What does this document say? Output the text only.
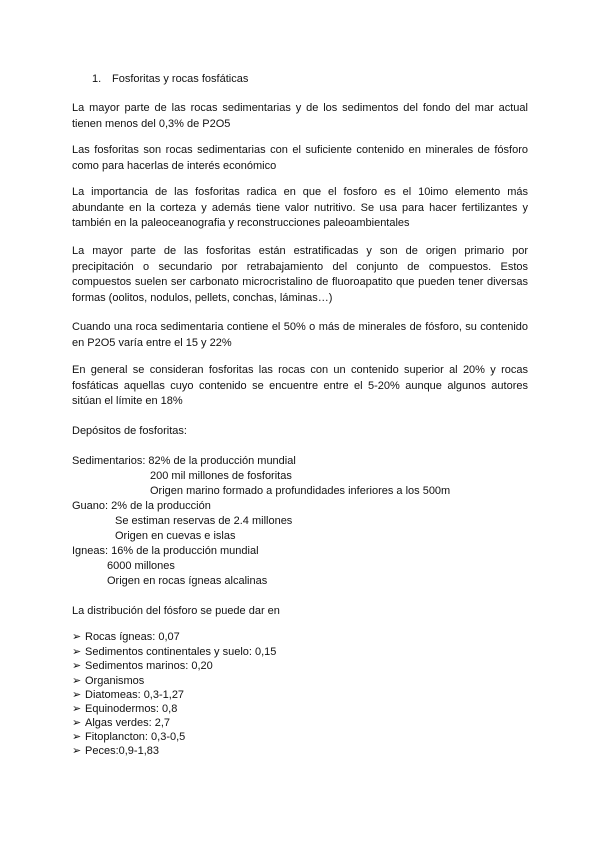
1. Fosforitas y rocas fosfáticas

La mayor parte de las rocas sedimentarias y de los sedimentos del fondo del mar actual tienen menos del 0,3% de P2O5

Las fosforitas son rocas sedimentarias con el suficiente contenido en minerales de fósforo como para hacerlas de interés económico

La importancia de las fosforitas radica en que el fosforo es el 10imo elemento más abundante en la corteza y además tiene valor nutritivo. Se usa para hacer fertilizantes y también en la paleoceanografia y reconstrucciones paleoambientales

La mayor parte de las fosforitas están estratificadas y son de origen primario por precipitación o secundario por retrabajamiento del conjunto de compuestos. Estos compuestos suelen ser carbonato microcristalino de fluoroapatito que pueden tener diversas formas (oolitos, nodulos, pellets, conchas, láminas…)

Cuando una roca sedimentaria contiene el 50% o más de minerales de fósforo, su contenido en P2O5 varía entre el 15 y 22%

En general se consideran fosforitas las rocas con un contenido superior al 20% y rocas fosfáticas aquellas cuyo contenido se encuentre entre el 5-20% aunque algunos autores sitúan el límite en 18%

Depósitos de fosforitas:

Sedimentarios: 82% de la producción mundial

200 mil millones de fosforitas

Origen marino formado a profundidades inferiores a los 500m

Guano: 2% de la producción

Se estiman reservas de 2.4 millones

Origen en cuevas e islas

Igneas: 16% de la producción mundial

6000 millones

Origen en rocas ígneas alcalinas

La distribución del fósforo se puede dar en

➢ Rocas ígneas: 0,07

➢ Sedimentos continentales y suelo: 0,15

➢ Sedimentos marinos: 0,20

➢ Organismos

➢ Diatomeas: 0,3-1,27

➢ Equinodermos: 0,8

➢ Algas verdes: 2,7

➢ Fitoplancton: 0,3-0,5

➢ Peces:0,9-1,83
